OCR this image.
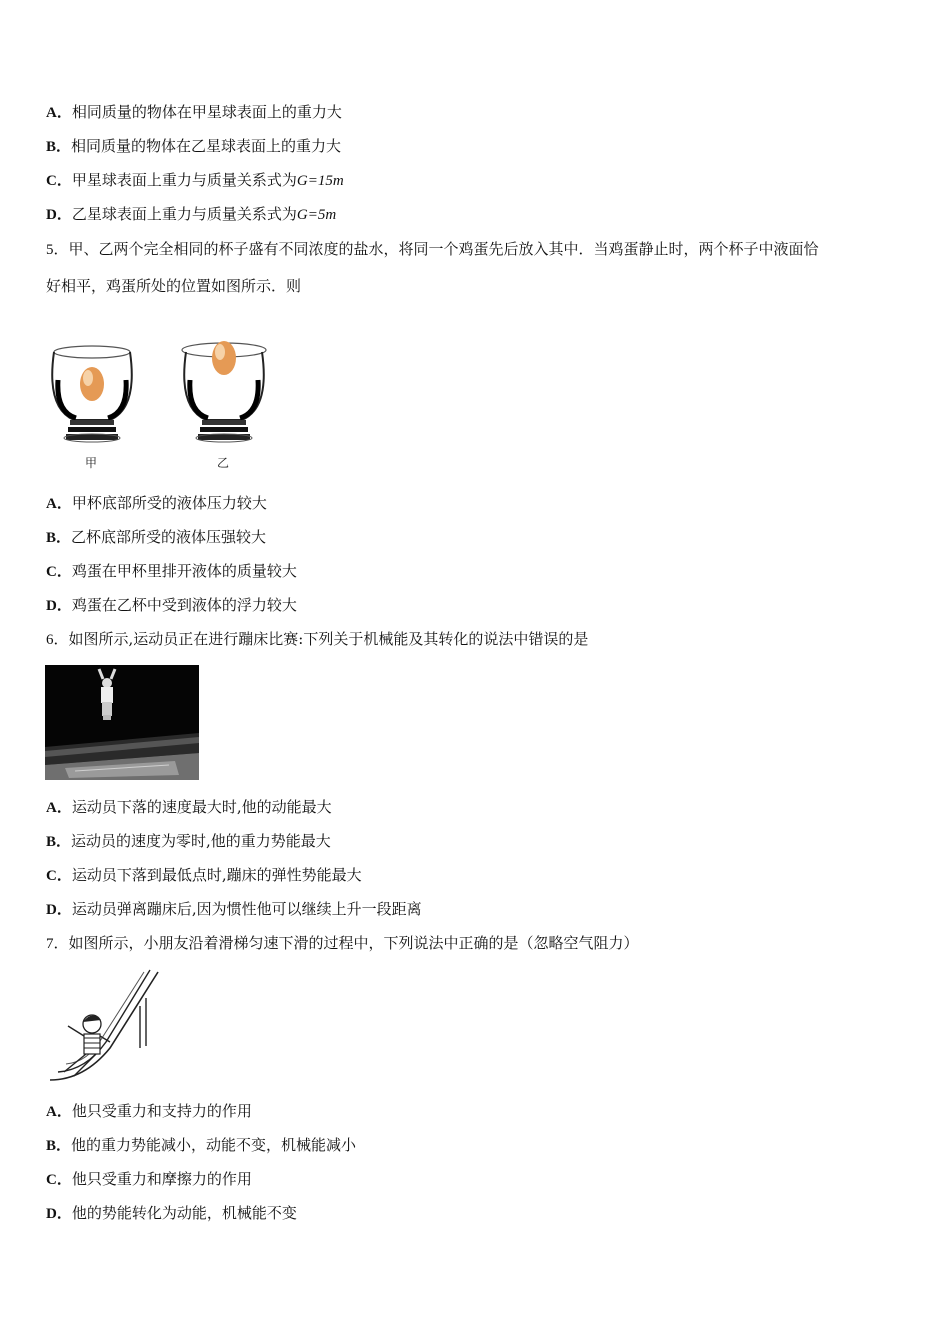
A．相同质量的物体在甲星球表面上的重力大
B．相同质量的物体在乙星球表面上的重力大
C．甲星球表面上重力与质量关系式为G=15m
D．乙星球表面上重力与质量关系式为G=5m
5．甲、乙两个完全相同的杯子盛有不同浓度的盐水，将同一个鸡蛋先后放入其中．当鸡蛋静止时，两个杯子中液面恰
好相平，鸡蛋所处的位置如图所示．则
甲	乙
A．甲杯底部所受的液体压力较大
B．乙杯底部所受的液体压强较大
C．鸡蛋在甲杯里排开液体的质量较大
D．鸡蛋在乙杯中受到液体的浮力较大
6．如图所示,运动员正在进行蹦床比赛:下列关于机械能及其转化的说法中错误的是
A．运动员下落的速度最大时,他的动能最大
B．运动员的速度为零时,他的重力势能最大
C．运动员下落到最低点时,蹦床的弹性势能最大
D．运动员弹离蹦床后,因为惯性他可以继续上升一段距离
7．如图所示，小朋友沿着滑梯匀速下滑的过程中，下列说法中正确的是（忽略空气阻力）
A．他只受重力和支持力的作用
B．他的重力势能减小，动能不变，机械能减小
C．他只受重力和摩擦力的作用
D．他的势能转化为动能，机械能不变
